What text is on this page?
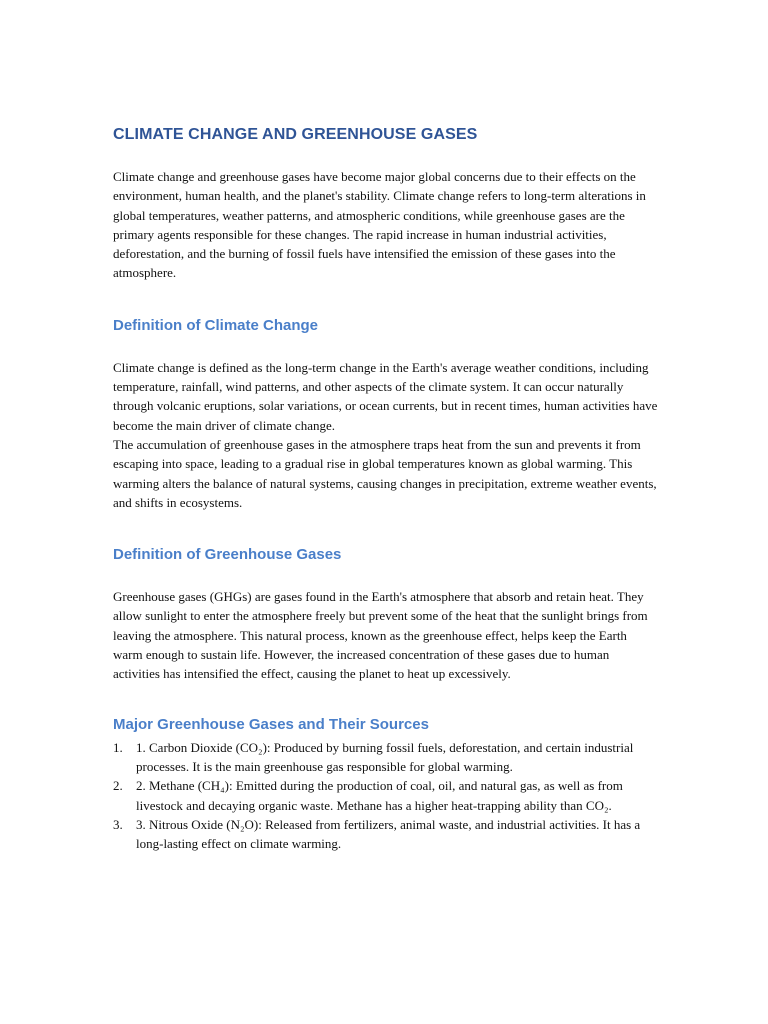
CLIMATE CHANGE AND GREENHOUSE GASES

Climate change and greenhouse gases have become major global concerns due to their effects on the environment, human health, and the planet's stability. Climate change refers to long-term alterations in global temperatures, weather patterns, and atmospheric conditions, while greenhouse gases are the primary agents responsible for these changes. The rapid increase in human industrial activities, deforestation, and the burning of fossil fuels have intensified the emission of these gases into the atmosphere.

Definition of Climate Change

Climate change is defined as the long-term change in the Earth's average weather conditions, including temperature, rainfall, wind patterns, and other aspects of the climate system. It can occur naturally through volcanic eruptions, solar variations, or ocean currents, but in recent times, human activities have become the main driver of climate change.

The accumulation of greenhouse gases in the atmosphere traps heat from the sun and prevents it from escaping into space, leading to a gradual rise in global temperatures known as global warming. This warming alters the balance of natural systems, causing changes in precipitation, extreme weather events, and shifts in ecosystems.

Definition of Greenhouse Gases

Greenhouse gases (GHGs) are gases found in the Earth's atmosphere that absorb and retain heat. They allow sunlight to enter the atmosphere freely but prevent some of the heat that the sunlight brings from leaving the atmosphere. This natural process, known as the greenhouse effect, helps keep the Earth warm enough to sustain life. However, the increased concentration of these gases due to human activities has intensified the effect, causing the planet to heat up excessively.

Major Greenhouse Gases and Their Sources
1. 1. Carbon Dioxide (CO₂): Produced by burning fossil fuels, deforestation, and certain industrial processes. It is the main greenhouse gas responsible for global warming.
2. 2. Methane (CH₄): Emitted during the production of coal, oil, and natural gas, as well as from livestock and decaying organic waste. Methane has a higher heat-trapping ability than CO₂.
3. 3. Nitrous Oxide (N₂O): Released from fertilizers, animal waste, and industrial activities. It has a long-lasting effect on climate warming.
